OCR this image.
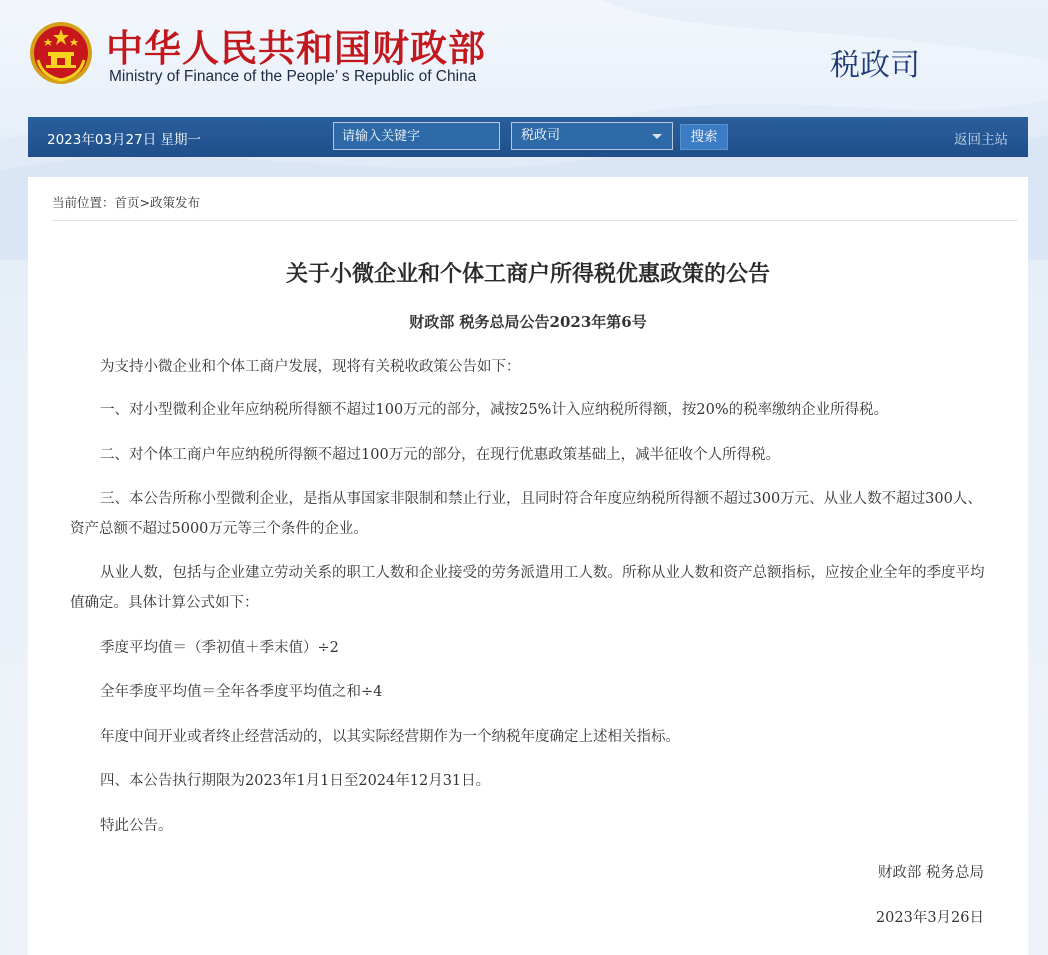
中华人民共和国财政部
Ministry of Finance of the People’ s Republic of China	税政司
2023年03月27日 星期一
请输入关键字	税政司	搜索	返回主站
当前位置：首页>政策发布
关于小微企业和个体工商户所得税优惠政策的公告
财政部 税务总局公告2023年第6号

为支持小微企业和个体工商户发展，现将有关税收政策公告如下：

一、对小型微利企业年应纳税所得额不超过100万元的部分，减按25%计入应纳税所得额，按20%的税率缴纳企业所得税。

二、对个体工商户年应纳税所得额不超过100万元的部分，在现行优惠政策基础上，减半征收个人所得税。

三、本公告所称小型微利企业，是指从事国家非限制和禁止行业，且同时符合年度应纳税所得额不超过300万元、从业人数不超过300人、资产总额不超过5000万元等三个条件的企业。

从业人数，包括与企业建立劳动关系的职工人数和企业接受的劳务派遣用工人数。所称从业人数和资产总额指标，应按企业全年的季度平均值确定。具体计算公式如下：

季度平均值＝（季初值＋季末值）÷2

全年季度平均值＝全年各季度平均值之和÷4

年度中间开业或者终止经营活动的，以其实际经营期作为一个纳税年度确定上述相关指标。

四、本公告执行期限为2023年1月1日至2024年12月31日。

特此公告。

财政部 税务总局
2023年3月26日
